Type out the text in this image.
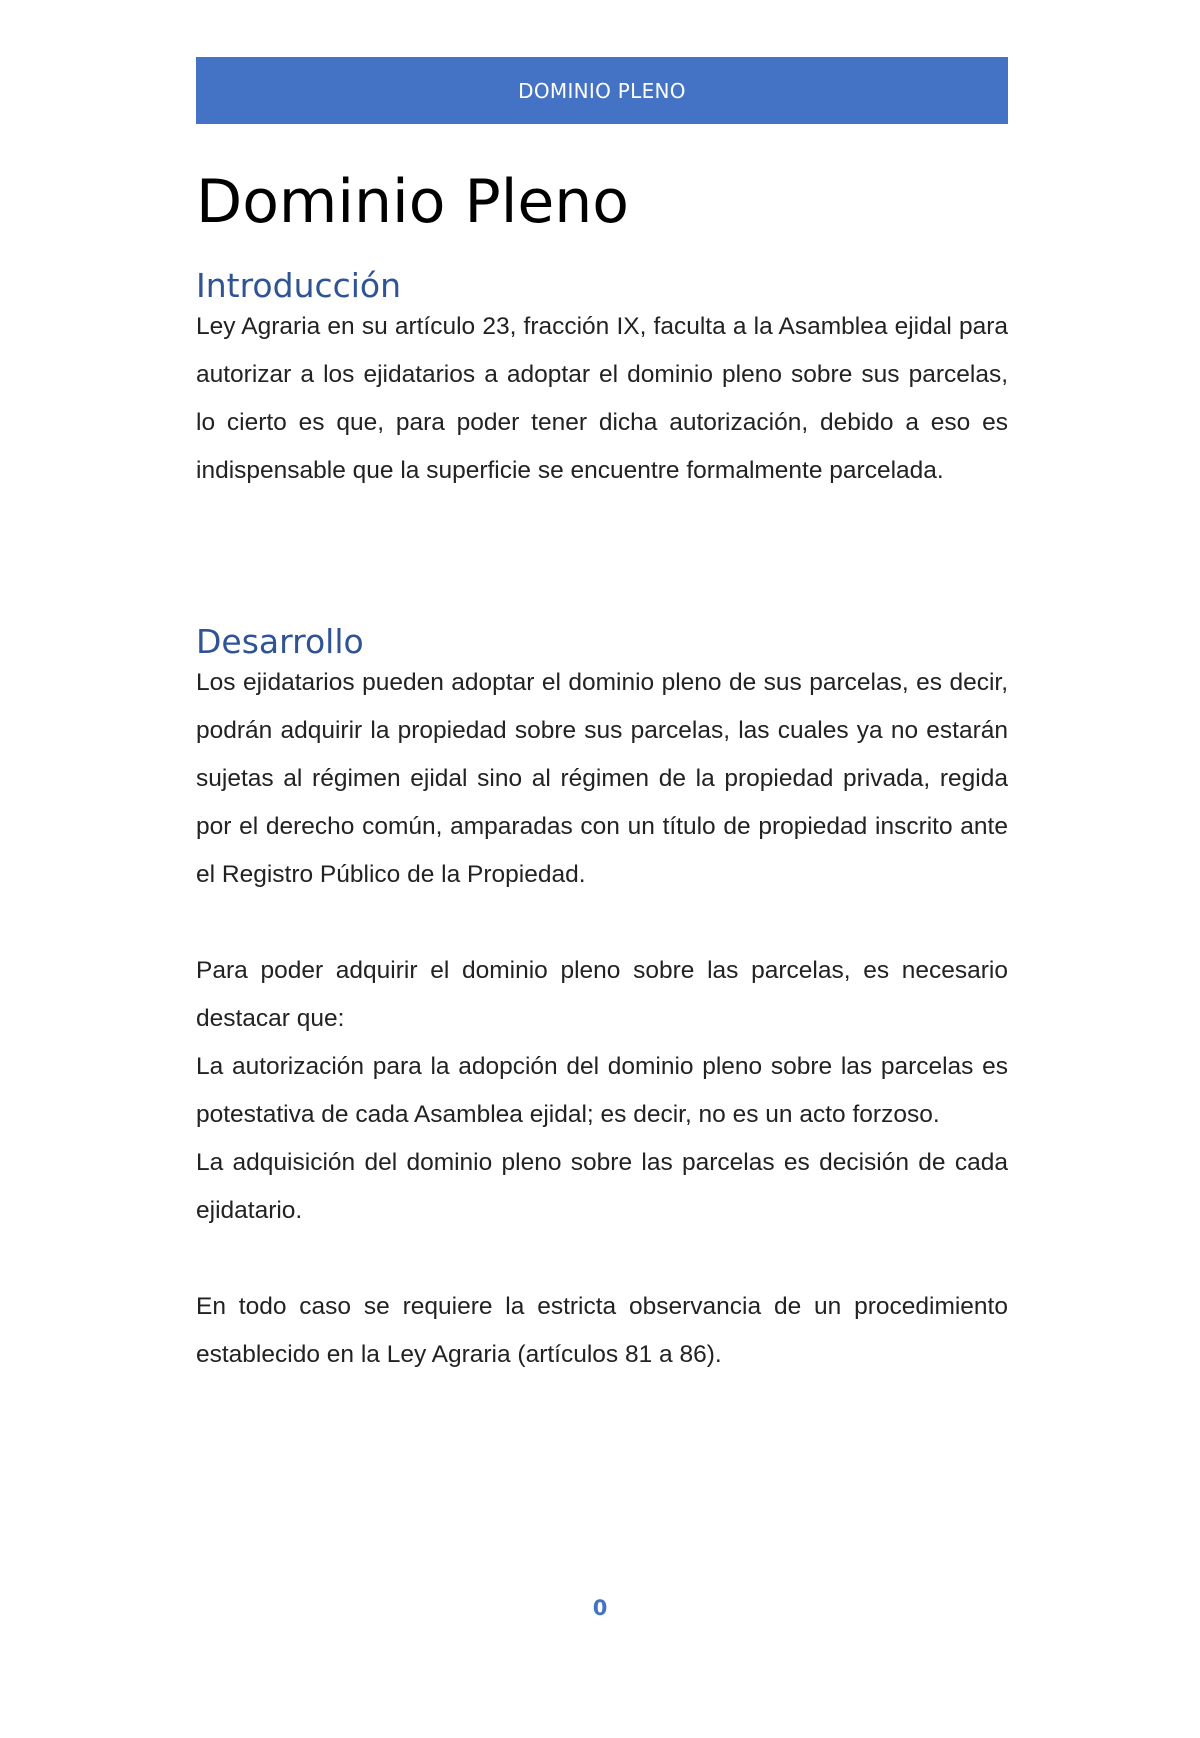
DOMINIO PLENO
Dominio Pleno
Introducción

Ley Agraria en su artículo 23, fracción IX, faculta a la Asamblea ejidal para autorizar a los ejidatarios a adoptar el dominio pleno sobre sus parcelas, lo cierto es que, para poder tener dicha autorización, debido a eso es indispensable que la superficie se encuentre formalmente parcelada.

Desarrollo

Los ejidatarios pueden adoptar el dominio pleno de sus parcelas, es decir, podrán adquirir la propiedad sobre sus parcelas, las cuales ya no estarán sujetas al régimen ejidal sino al régimen de la propiedad privada, regida por el derecho común, amparadas con un título de propiedad inscrito ante el Registro Público de la Propiedad.

Para poder adquirir el dominio pleno sobre las parcelas, es necesario destacar que:

La autorización para la adopción del dominio pleno sobre las parcelas es potestativa de cada Asamblea ejidal; es decir, no es un acto forzoso.

La adquisición del dominio pleno sobre las parcelas es decisión de cada ejidatario.

En todo caso se requiere la estricta observancia de un procedimiento establecido en la Ley Agraria (artículos 81 a 86).

0
